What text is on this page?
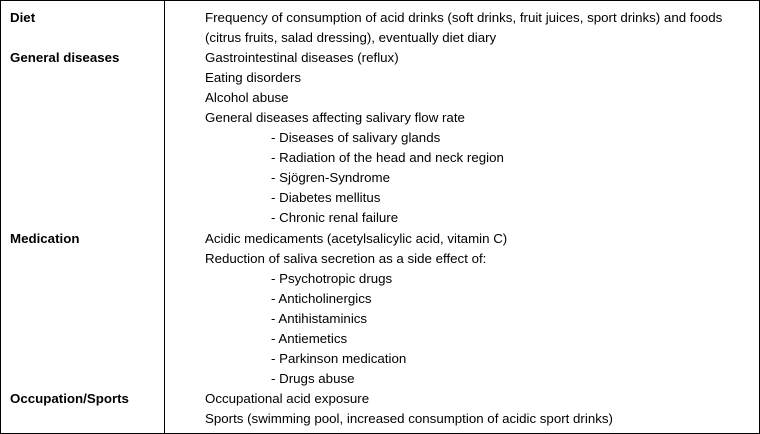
Diet	Frequency of consumption of acid drinks (soft drinks, fruit juices, sport drinks) and foods
(citrus fruits, salad dressing), eventually diet diary
General diseases	Gastrointestinal diseases (reflux)
Eating disorders
Alcohol abuse
General diseases affecting salivary flow rate
- Diseases of salivary glands
- Radiation of the head and neck region
- Sjögren-Syndrome
- Diabetes mellitus
- Chronic renal failure
Medication	Acidic medicaments (acetylsalicylic acid, vitamin C)
Reduction of saliva secretion as a side effect of:
- Psychotropic drugs
- Anticholinergics
- Antihistaminics
- Antiemetics
- Parkinson medication
- Drugs abuse
Occupation/Sports	Occupational acid exposure
Sports (swimming pool, increased consumption of acidic sport drinks)
